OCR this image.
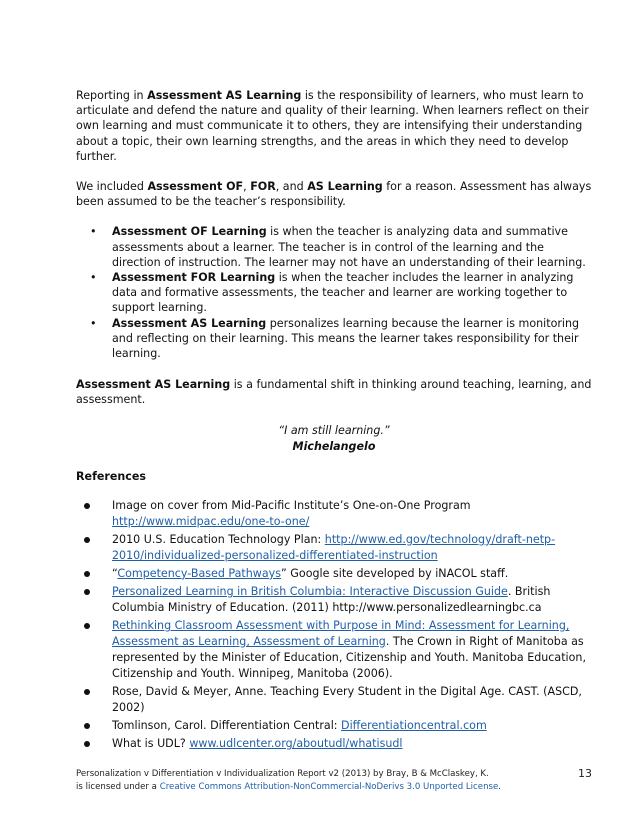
Reporting in Assessment AS Learning is the responsibility of learners, who must learn to articulate and defend the nature and quality of their learning. When learners reflect on their own learning and must communicate it to others, they are intensifying their understanding about a topic, their own learning strengths, and the areas in which they need to develop further.

We included Assessment OF, FOR, and AS Learning for a reason. Assessment has always been assumed to be the teacher’s responsibility.

• Assessment OF Learning is when the teacher is analyzing data and summative assessments about a learner. The teacher is in control of the learning and the direction of instruction. The learner may not have an understanding of their learning.
• Assessment FOR Learning is when the teacher includes the learner in analyzing data and formative assessments, the teacher and learner are working together to support learning.
• Assessment AS Learning personalizes learning because the learner is monitoring and reflecting on their learning. This means the learner takes responsibility for their learning.

Assessment AS Learning is a fundamental shift in thinking around teaching, learning, and assessment.

“I am still learning.”
Michelangelo
References
Image on cover from Mid-Pacific Institute’s One-on-One Program http://www.midpac.edu/one-to-one/
2010 U.S. Education Technology Plan: http://www.ed.gov/technology/draft-netp-2010/individualized-personalized-differentiated-instruction
“Competency-Based Pathways” Google site developed by iNACOL staff.
Personalized Learning in British Columbia: Interactive Discussion Guide. British Columbia Ministry of Education. (2011) http://www.personalizedlearningbc.ca
Rethinking Classroom Assessment with Purpose in Mind: Assessment for Learning, Assessment as Learning, Assessment of Learning. The Crown in Right of Manitoba as represented by the Minister of Education, Citizenship and Youth. Manitoba Education, Citizenship and Youth. Winnipeg, Manitoba (2006).
Rose, David & Meyer, Anne. Teaching Every Student in the Digital Age. CAST. (ASCD, 2002)
Tomlinson, Carol. Differentiation Central: Differentiationcentral.com
What is UDL? www.udlcenter.org/aboutudl/whatisudl
Personalization v Differentiation v Individualization Report v2 (2013) by Bray, B & McClaskey, K.
is licensed under a Creative Commons Attribution-NonCommercial-NoDerivs 3.0 Unported License.
13
